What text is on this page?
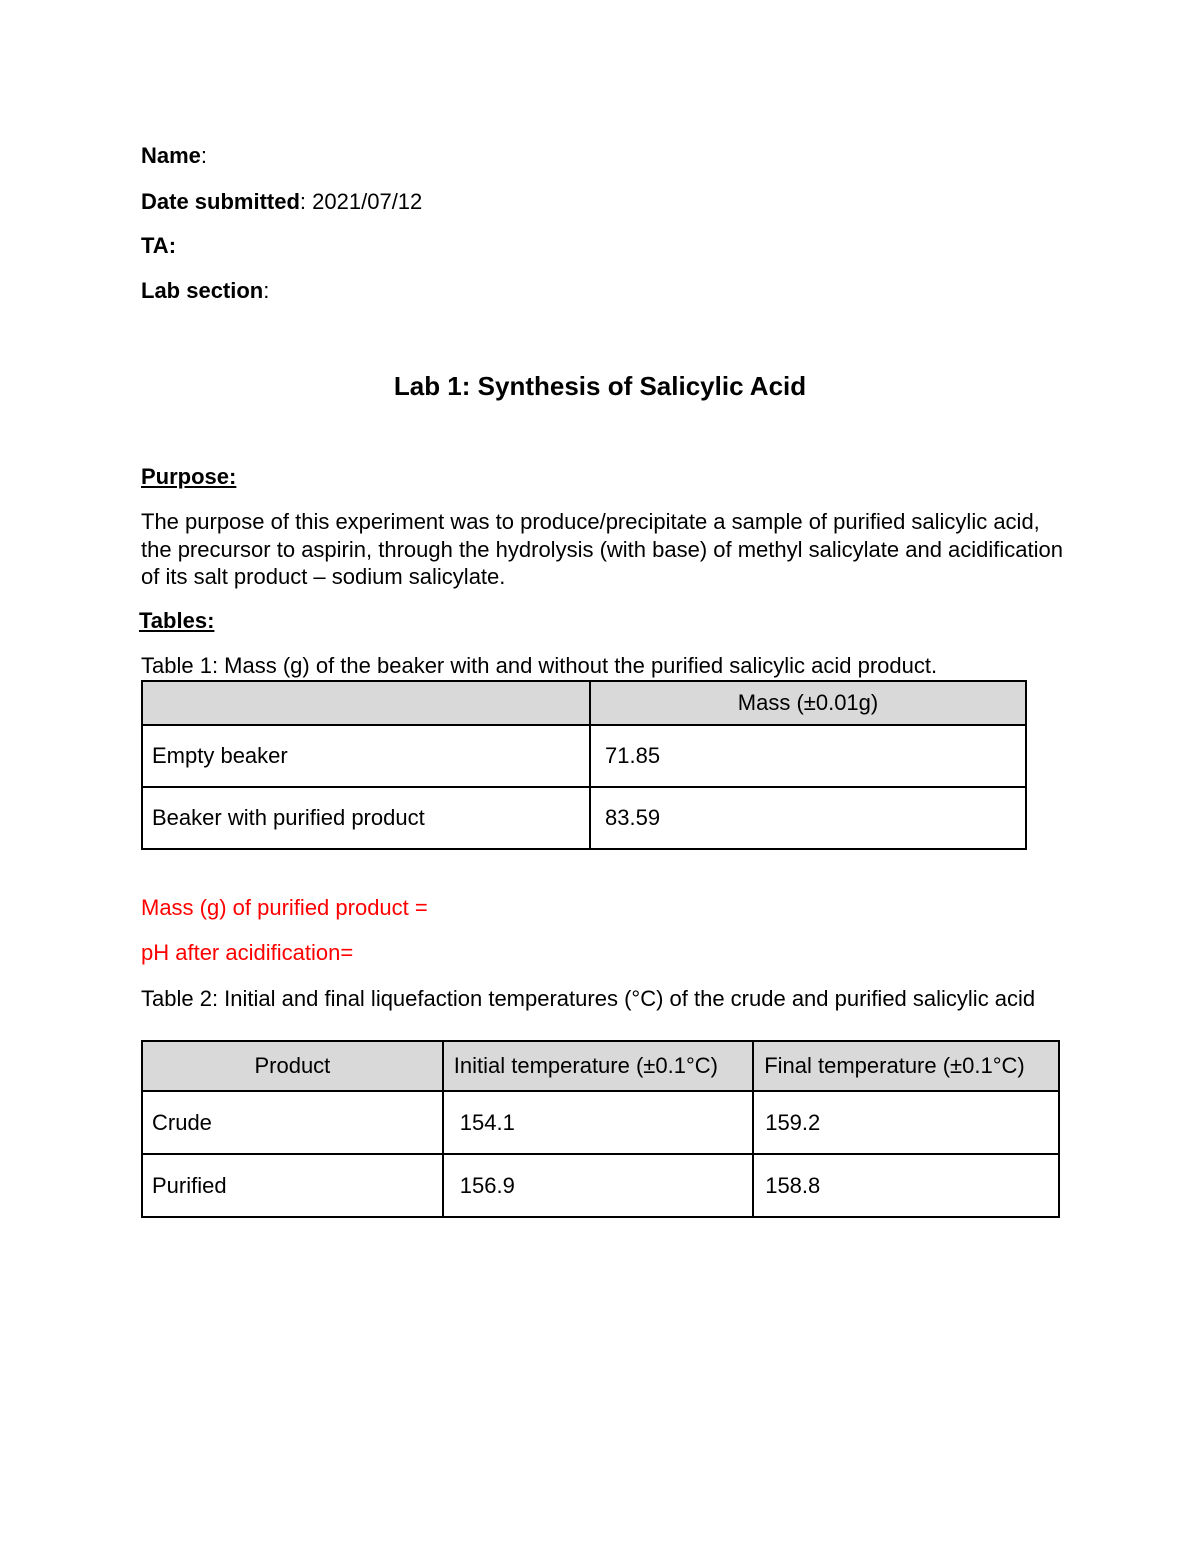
Name:
Date submitted: 2021/07/12
TA:
Lab section:
Lab 1: Synthesis of Salicylic Acid
Purpose:
The purpose of this experiment was to produce/precipitate a sample of purified salicylic acid, the precursor to aspirin, through the hydrolysis (with base) of methyl salicylate and acidification of its salt product – sodium salicylate.
Tables:
Table 1: Mass (g) of the beaker with and without the purified salicylic acid product.
	Mass (±0.01g)
Empty beaker	71.85
Beaker with purified product	83.59
Mass (g) of purified product =
pH after acidification=
Table 2: Initial and final liquefaction temperatures (°C) of the crude and purified salicylic acid
Product	Initial temperature (±0.1°C)	Final temperature (±0.1°C)
Crude	154.1	159.2
Purified	156.9	158.8
